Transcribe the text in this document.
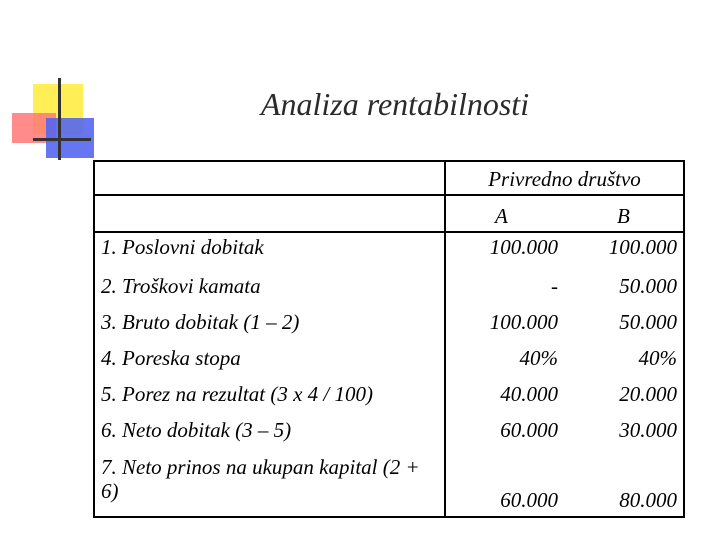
Analiza rentabilnosti
Privredno društvo
A	B
1. Poslovni dobitak	100.000 100.000
2. Troškovi kamata	-	50.000
3. Bruto dobitak (1 – 2)	100.000	50.000
4. Poreska stopa	40%	40%
5. Porez na rezultat (3 x 4 / 100)	40.000	20.000
6. Neto dobitak (3 – 5)	60.000	30.000
7. Neto prinos na ukupan kapital (2 + 6)	60.000	80.000
